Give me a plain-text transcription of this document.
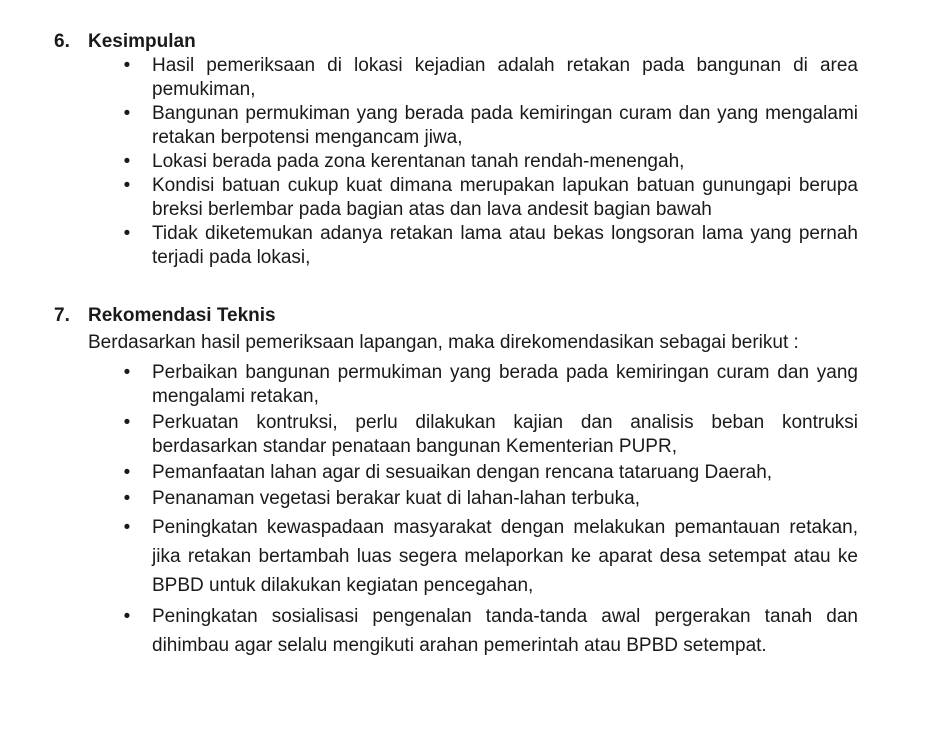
6. Kesimpulan
• Hasil pemeriksaan di lokasi kejadian adalah retakan pada bangunan di area pemukiman,
• Bangunan permukiman yang berada pada kemiringan curam dan yang mengalami retakan berpotensi mengancam jiwa,
• Lokasi berada pada zona kerentanan tanah rendah-menengah,
• Kondisi batuan cukup kuat dimana merupakan lapukan batuan gunungapi berupa breksi berlembar pada bagian atas dan lava andesit bagian bawah
• Tidak diketemukan adanya retakan lama atau bekas longsoran lama yang pernah terjadi pada lokasi,
7. Rekomendasi Teknis
Berdasarkan hasil pemeriksaan lapangan, maka direkomendasikan sebagai berikut :
• Perbaikan bangunan permukiman yang berada pada kemiringan curam dan yang mengalami retakan,
• Perkuatan kontruksi, perlu dilakukan kajian dan analisis beban kontruksi berdasarkan standar penataan bangunan Kementerian PUPR,
• Pemanfaatan lahan agar di sesuaikan dengan rencana tataruang Daerah,
• Penanaman vegetasi berakar kuat di lahan-lahan terbuka,
• Peningkatan kewaspadaan masyarakat dengan melakukan pemantauan retakan, jika retakan bertambah luas segera melaporkan ke aparat desa setempat atau ke BPBD untuk dilakukan kegiatan pencegahan,
• Peningkatan sosialisasi pengenalan tanda-tanda awal pergerakan tanah dan dihimbau agar selalu mengikuti arahan pemerintah atau BPBD setempat.
